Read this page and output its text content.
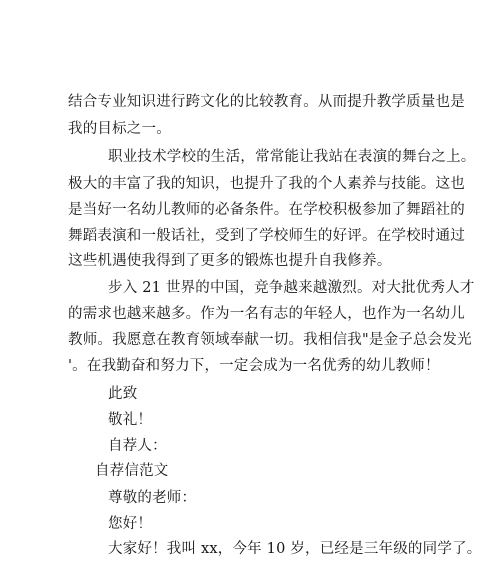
结合专业知识进行跨文化的比较教育。从而提升教学质量也是
我的目标之一。
职业技术学校的生活，常常能让我站在表演的舞台之上。
极大的丰富了我的知识，也提升了我的个人素养与技能。这也
是当好一名幼儿教师的必备条件。在学校积极参加了舞蹈社的
舞蹈表演和一般话社，受到了学校师生的好评。在学校时通过
这些机遇使我得到了更多的锻炼也提升自我修养。
步入 21 世界的中国，竞争越来越激烈。对大批优秀人才
的需求也越来越多。作为一名有志的年轻人，也作为一名幼儿
教师。我愿意在教育领域奉献一切。我相信我"是金子总会发光
'。在我勤奋和努力下，一定会成为一名优秀的幼儿教师！
此致
敬礼！
自荐人：
自荐信范文
尊敬的老师：
您好！
大家好！我叫 xx，今年 10 岁，已经是三年级的同学了。
